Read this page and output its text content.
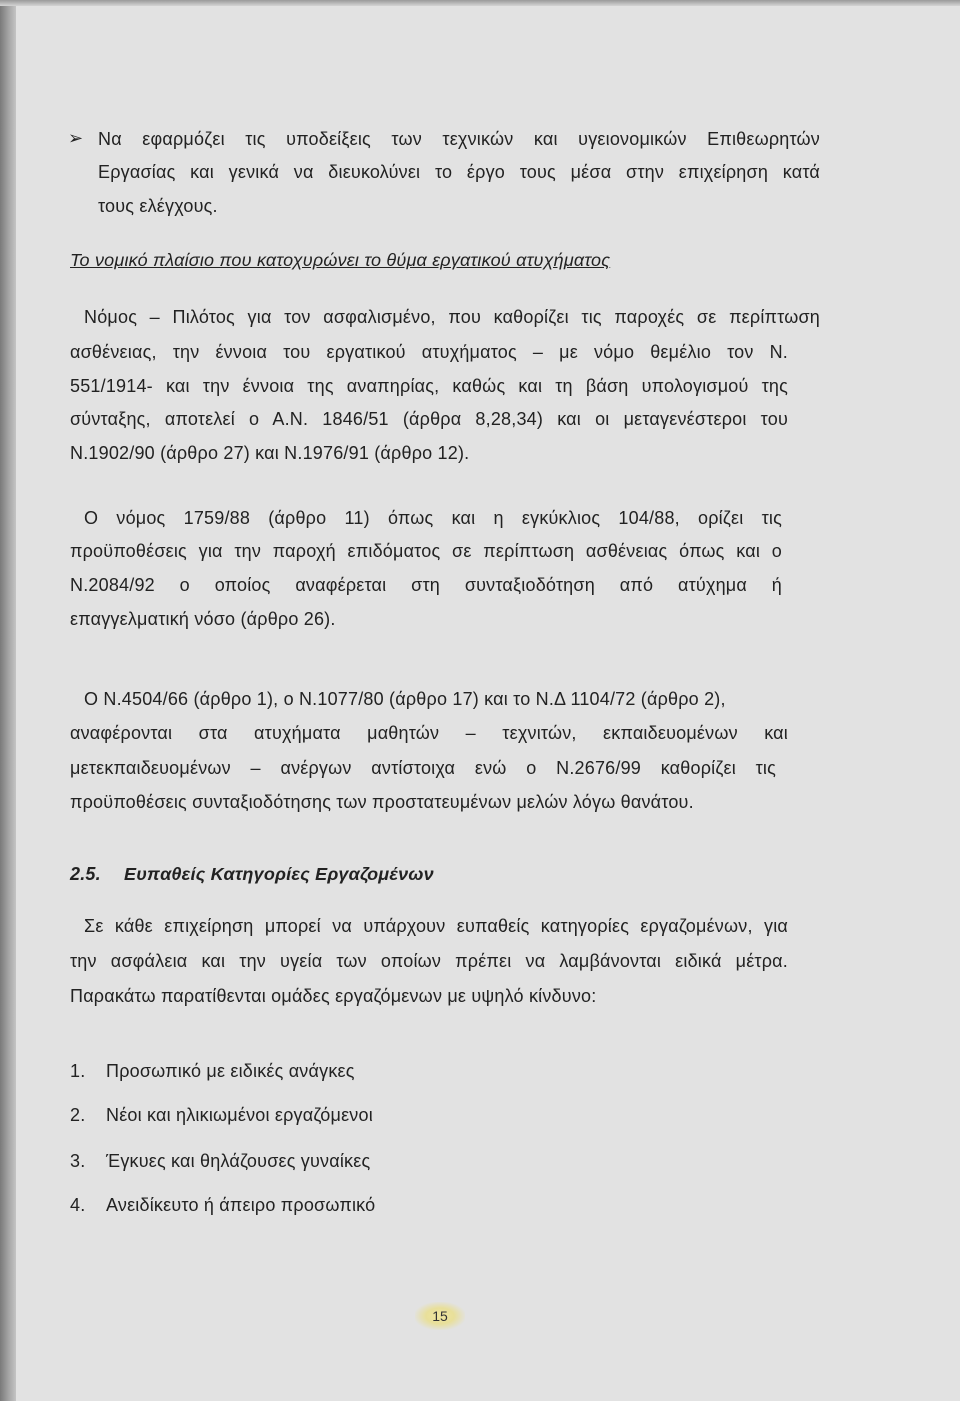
➢ Να εφαρμόζει τις υποδείξεις των τεχνικών και υγειονομικών Επιθεωρητών
Εργασίας και γενικά να διευκολύνει το έργο τους μέσα στην επιχείρηση κατά
τους ελέγχους.
Το νομικό πλαίσιο που κατοχυρώνει το θύμα εργατικού ατυχήματος
Νόμος – Πιλότος για τον ασφαλισμένο, που καθορίζει τις παροχές σε περίπτωση
ασθένειας, την έννοια του εργατικού ατυχήματος – με νόμο θεμέλιο τον Ν.
551/1914- και την έννοια της αναπηρίας, καθώς και τη βάση υπολογισμού της
σύνταξης, αποτελεί ο Α.Ν. 1846/51 (άρθρα 8,28,34) και οι μεταγενέστεροι του
Ν.1902/90 (άρθρο 27) και Ν.1976/91 (άρθρο 12).
Ο νόμος 1759/88 (άρθρο 11) όπως και η εγκύκλιος 104/88, ορίζει τις
προϋποθέσεις για την παροχή επιδόματος σε περίπτωση ασθένειας όπως και ο
Ν.2084/92 ο οποίος αναφέρεται στη συνταξιοδότηση από ατύχημα ή
επαγγελματική νόσο (άρθρο 26).
Ο Ν.4504/66 (άρθρο 1), ο Ν.1077/80 (άρθρο 17) και το Ν.Δ 1104/72 (άρθρο 2),
αναφέρονται στα ατυχήματα μαθητών – τεχνιτών, εκπαιδευομένων και
μετεκπαιδευομένων – ανέργων αντίστοιχα ενώ ο Ν.2676/99 καθορίζει τις
προϋποθέσεις συνταξιοδότησης των προστατευμένων μελών λόγω θανάτου.
2.5. Ευπαθείς Κατηγορίες Εργαζομένων
Σε κάθε επιχείρηση μπορεί να υπάρχουν ευπαθείς κατηγορίες εργαζομένων, για
την ασφάλεια και την υγεία των οποίων πρέπει να λαμβάνονται ειδικά μέτρα.
Παρακάτω παρατίθενται ομάδες εργαζόμενων με υψηλό κίνδυνο:
1. Προσωπικό με ειδικές ανάγκες
2. Νέοι και ηλικιωμένοι εργαζόμενοι
3. Έγκυες και θηλάζουσες γυναίκες
4. Ανειδίκευτο ή άπειρο προσωπικό
15
